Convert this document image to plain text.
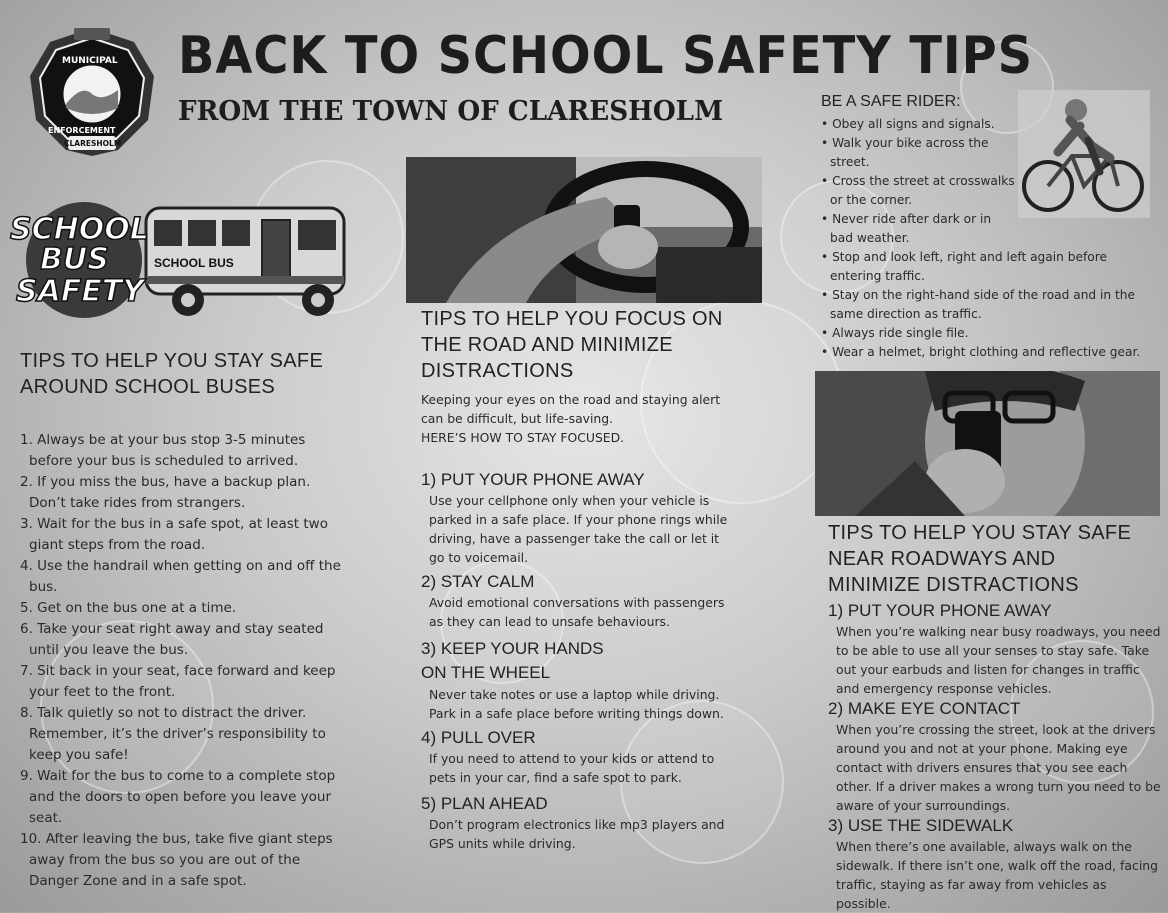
MUNICIPAL
ENFORCEMENT
CLARESHOLM
BACK TO SCHOOL SAFETY TIPS
FROM THE TOWN OF CLARESHOLM
SCHOOL
BUS
SAFETY
SCHOOL BUS
TIPS TO HELP YOU STAY SAFE AROUND SCHOOL BUSES
1. Always be at your bus stop 3-5 minutes before your bus is scheduled to arrived.
2. If you miss the bus, have a backup plan. Don’t take rides from strangers.
3. Wait for the bus in a safe spot, at least two giant steps from the road.
4. Use the handrail when getting on and off the bus.
5. Get on the bus one at a time.
6. Take your seat right away and stay seated until you leave the bus.
7. Sit back in your seat, face forward and keep your feet to the front.
8. Talk quietly so not to distract the driver. Remember, it’s the driver’s responsibility to keep you safe!
9. Wait for the bus to come to a complete stop and the doors to open before you leave your seat.
10. After leaving the bus, take five giant steps away from the bus so you are out of the Danger Zone and in a safe spot.
TIPS TO HELP YOU FOCUS ON THE ROAD AND MINIMIZE DISTRACTIONS
Keeping your eyes on the road and staying alert can be difficult, but life-saving.
HERE’S HOW TO STAY FOCUSED.
1) PUT YOUR PHONE AWAY
Use your cellphone only when your vehicle is parked in a safe place. If your phone rings while driving, have a passenger take the call or let it go to voicemail.
2) STAY CALM
Avoid emotional conversations with passengers as they can lead to unsafe behaviours.
3) KEEP YOUR HANDS ON THE WHEEL
Never take notes or use a laptop while driving. Park in a safe place before writing things down.
4) PULL OVER
If you need to attend to your kids or attend to pets in your car, find a safe spot to park.
5) PLAN AHEAD
Don’t program electronics like mp3 players and GPS units while driving.
BE A SAFE RIDER:
• Obey all signs and signals.
• Walk your bike across the street.
• Cross the street at crosswalks or the corner.
• Never ride after dark or in bad weather.
• Stop and look left, right and left again before entering traffic.
• Stay on the right-hand side of the road and in the same direction as traffic.
• Always ride single file.
• Wear a helmet, bright clothing and reflective gear.
TIPS TO HELP YOU STAY SAFE NEAR ROADWAYS AND MINIMIZE DISTRACTIONS
1) PUT YOUR PHONE AWAY
When you’re walking near busy roadways, you need to be able to use all your senses to stay safe. Take out your earbuds and listen for changes in traffic and emergency response vehicles.
2) MAKE EYE CONTACT
When you’re crossing the street, look at the drivers around you and not at your phone. Making eye contact with drivers ensures that you see each other. If a driver makes a wrong turn you need to be aware of your surroundings.
3) USE THE SIDEWALK
When there’s one available, always walk on the sidewalk. If there isn’t one, walk off the road, facing traffic, staying as far away from vehicles as possible.
